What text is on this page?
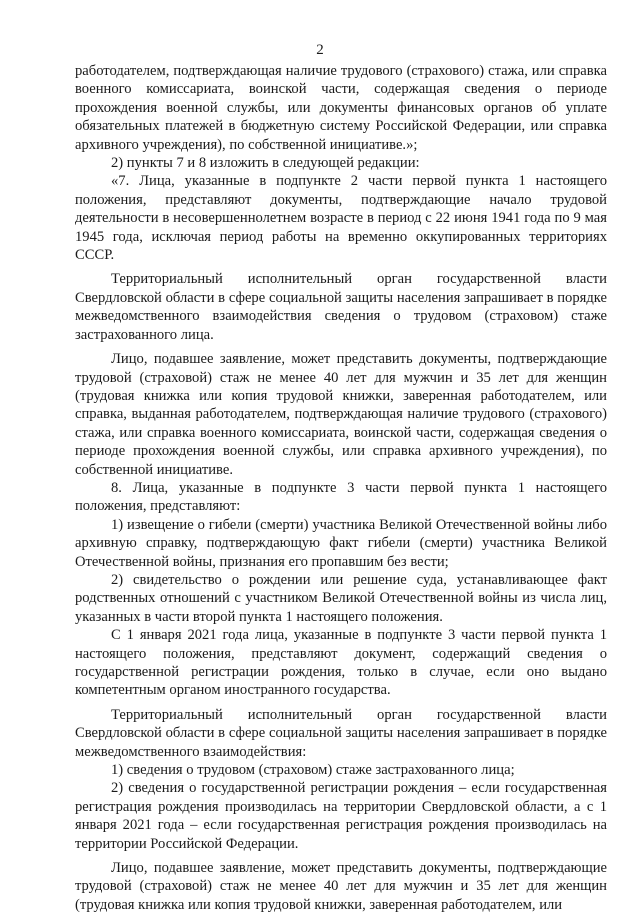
2

работодателем, подтверждающая наличие трудового (страхового) стажа, или справка военного комиссариата, воинской части, содержащая сведения о периоде прохождения военной службы, или документы финансовых органов об уплате обязательных платежей в бюджетную систему Российской Федерации, или справка архивного учреждения), по собственной инициативе.»;

2) пункты 7 и 8 изложить в следующей редакции:

«7. Лица, указанные в подпункте 2 части первой пункта 1 настоящего положения, представляют документы, подтверждающие начало трудовой деятельности в несовершеннолетнем возрасте в период с 22 июня 1941 года по 9 мая 1945 года, исключая период работы на временно оккупированных территориях СССР.

Территориальный исполнительный орган государственной власти Свердловской области в сфере социальной защиты населения запрашивает в порядке межведомственного взаимодействия сведения о трудовом (страховом) стаже застрахованного лица.

Лицо, подавшее заявление, может представить документы, подтверждающие трудовой (страховой) стаж не менее 40 лет для мужчин и 35 лет для женщин (трудовая книжка или копия трудовой книжки, заверенная работодателем, или справка, выданная работодателем, подтверждающая наличие трудового (страхового) стажа, или справка военного комиссариата, воинской части, содержащая сведения о периоде прохождения военной службы, или справка архивного учреждения), по собственной инициативе.

8. Лица, указанные в подпункте 3 части первой пункта 1 настоящего положения, представляют:

1) извещение о гибели (смерти) участника Великой Отечественной войны либо архивную справку, подтверждающую факт гибели (смерти) участника Великой Отечественной войны, признания его пропавшим без вести;

2) свидетельство о рождении или решение суда, устанавливающее факт родственных отношений с участником Великой Отечественной войны из числа лиц, указанных в части второй пункта 1 настоящего положения.

С 1 января 2021 года лица, указанные в подпункте 3 части первой пункта 1 настоящего положения, представляют документ, содержащий сведения о государственной регистрации рождения, только в случае, если оно выдано компетентным органом иностранного государства.

Территориальный исполнительный орган государственной власти Свердловской области в сфере социальной защиты населения запрашивает в порядке межведомственного взаимодействия:

1) сведения о трудовом (страховом) стаже застрахованного лица;

2) сведения о государственной регистрации рождения – если государственная регистрация рождения производилась на территории Свердловской области, а с 1 января 2021 года – если государственная регистрация рождения производилась на территории Российской Федерации.

Лицо, подавшее заявление, может представить документы, подтверждающие трудовой (страховой) стаж не менее 40 лет для мужчин и 35 лет для женщин (трудовая книжка или копия трудовой книжки, заверенная работодателем, или
